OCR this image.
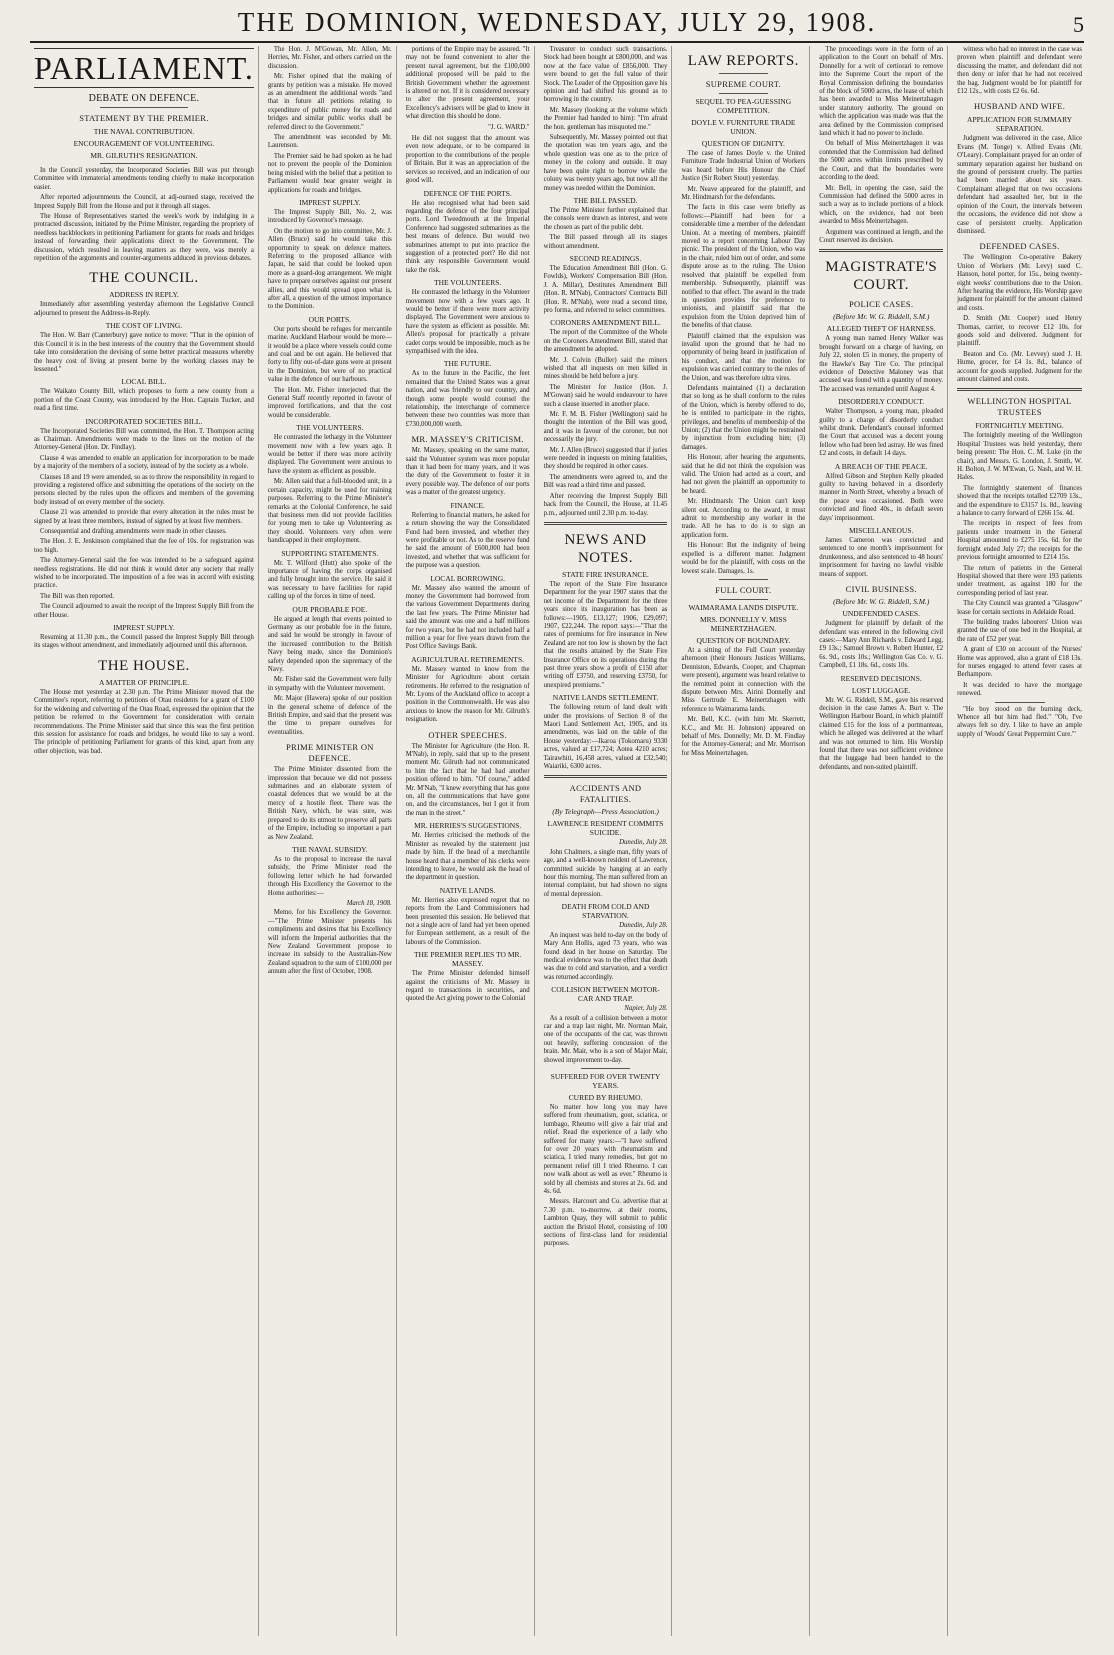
THE DOMINION, WEDNESDAY, JULY 29, 1908.	5
PARLIAMENT.
DEBATE ON DEFENCE.
STATEMENT BY THE PREMIER.
THE NAVAL CONTRIBUTION.
ENCOURAGEMENT OF VOLUNTEERING.
MR. GILRUTH'S RESIGNATION.

In the Council yesterday, the Incorporated Societies Bill was put through Committee with immaterial amendments tending chiefly to make incorporation easier.

After reported adjournments the Council, at adj-ourned stage, received the Imprest Supply Bill from the House and put it through all stages.

The House of Representatives started the week's work by indulging in a protracted discussion, initiated by the Prime Minister, regarding the propriety of needless backblockers in petitioning Parliament for grants for roads and bridges instead of forwarding their applications direct to the Government. The discussion, which resulted in leaving matters as they were, was merely a repetition of the arguments and counter-arguments adduced in previous debates.

THE COUNCIL.
ADDRESS IN REPLY.

Immediately after assembling yesterday afternoon the Legislative Council adjourned to present the Address-in-Reply.

THE COST OF LIVING.

The Hon. W. Barr (Canterbury) gave notice to move: "That in the opinion of this Council it is in the best interests of the country that the Government should take into consideration the devising of some better practical measures whereby the heavy cost of living at present borne by the working classes may be lessened."

LOCAL BILL.

The Waikato County Bill, which proposes to form a new county from a portion of the Coast County, was introduced by the Hon. Captain Tucker, and read a first time.

INCORPORATED SOCIETIES BILL.

The Incorporated Societies Bill was committed, the Hon. T. Thompson acting as Chairman. Amendments were made to the lines on the motion of the Attorney-General (Hon. Dr. Findlay).

Clause 4 was amended to enable an application for incorporation to be made by a majority of the members of a society, instead of by the society as a whole.

Clauses 18 and 19 were amended, so as to throw the responsibility in regard to providing a registered office and submitting the operations of the society on the persons elected by the rules upon the officers and members of the governing body instead of on every member of the society.

Clause 21 was amended to provide that every alteration in the rules must be signed by at least three members, instead of signed by at least five members.

Consequential and drafting amendments were made in other clauses.

The Hon. J. E. Jenkinson complained that the fee of 10s. for registration was too high.

The Attorney-General said the fee was intended to be a safeguard against needless registrations. He did not think it would deter any society that really wished to be incorporated. The imposition of a fee was in accord with existing practice.

The Bill was then reported.

The Council adjourned to await the receipt of the Imprest Supply Bill from the other House.

IMPREST SUPPLY.

Resuming at 11.30 p.m., the Council passed the Imprest Supply Bill through its stages without amendment, and immediately adjourned until this afternoon.

THE HOUSE.
A MATTER OF PRINCIPLE.

The House met yesterday at 2.30 p.m. The Prime Minister moved that the Committee's report, referring to petitions of Otau residents for a grant of £100 for the widening and culverting of the Otau Road, expressed the opinion that the petition be referred to the Government for consideration with certain recommendations. The Prime Minister said that since this was the first petition this session for assistance for roads and bridges, he would like to say a word. The principle of petitioning Parliament for grants of this kind, apart from any other objection, was bad.

The Hon. J. M'Gowan, Mr. Allen, Mr. Herries, Mr. Fisher, and others carried on the discussion.

Mr. Fisher opined that the making of grants by petition was a mistake. He moved as an amendment the additional words "and that in future all petitions relating to expenditure of public money for roads and bridges and similar public works shall be referred direct to the Government."

The amendment was seconded by Mr. Laurenson.

The Premier said he had spoken as he had not to prevent the people of the Dominion being misled with the belief that a petition to Parliament would bear greater weight in applications for roads and bridges.

IMPREST SUPPLY.

The Imprest Supply Bill, No. 2, was introduced by Governor's message.

On the motion to go into committee, Mr. J. Allen (Bruce) said he would take this opportunity to speak on defence matters. Referring to the proposed alliance with Japan, he said that could be looked upon more as a guard-dog arrangement. We might have to prepare ourselves against our present allies, and this would spread upon what is, after all, a question of the utmost importance to the Dominion.

OUR PORTS.

Our ports should be refuges for mercantile marine. Auckland Harbour would be more—it would be a place where vessels could come and coal and be out again. He believed that forty to fifty out-of-date guns were at present in the Dominion, but were of no practical value in the defence of our harbours.

The Hon. Mr. Fisher interjected that the General Staff recently reported in favour of improved fortifications, and that the cost would be considerable.

THE VOLUNTEERS.

He contrasted the lethargy in the Volunteer movement now with a few years ago. It would be better if there was more activity displayed. The Government were anxious to have the system as efficient as possible.

Mr. Allen said that a full-blooded unit, in a certain capacity, might be used for training purposes. Referring to the Prime Minister's remarks at the Colonial Conference, he said that business men did not provide facilities for young men to take up Volunteering as they should. Volunteers very often were handicapped in their employment.

SUPPORTING STATEMENTS.

Mr. T. Wilford (Hutt) also spoke of the importance of having the corps organised and fully brought into the service. He said it was necessary to have facilities for rapid calling up of the forces in time of need.

OUR PROBABLE FOE.

He argued at length that events pointed to Germany as our probable foe in the future, and said he would be strongly in favour of the increased contribution to the British Navy being made, since the Dominion's safety depended upon the supremacy of the Navy.

Mr. Fisher said the Government were fully in sympathy with the Volunteer movement.

Mr. Major (Hawera) spoke of our position in the general scheme of defence of the British Empire, and said that the present was the time to prepare ourselves for eventualities.

PRIME MINISTER ON DEFENCE.

The Prime Minister dissented from the impression that because we did not possess submarines and an elaborate system of coastal defences that we would be at the mercy of a hostile fleet. There was the British Navy, which, he was sure, was prepared to do its utmost to preserve all parts of the Empire, including so important a part as New Zealand.

THE NAVAL SUBSIDY.

As to the proposal to increase the naval subsidy, the Prime Minister read the following letter which he had forwarded through His Excellency the Governor to the Home authorities:—

March 18, 1908.

Memo. for his Excellency the Governor.—"The Prime Minister presents his compliments and desires that his Excellency will inform the Imperial authorities that the New Zealand Government propose to increase its subsidy to the Australian-New Zealand squadron to the sum of £100,000 per annum after the first of October, 1908.

portions of the Empire may be assured. "It may not be found convenient to alter the present naval agreement, but the £100,000 additional proposed will be paid to the British Government whether the agreement is altered or not. If it is considered necessary to alter the present agreement, your Excellency's advisers will be glad to know in what direction this should be done.

"J. G. WARD."

He did not suggest that the amount was even now adequate, or to be compared in proportion to the contributions of the people of Britain. But it was an appreciation of the services so received, and an indication of our good will.

DEFENCE OF THE PORTS.

He also recognised what had been said regarding the defence of the four principal ports. Lord Tweedmouth at the Imperial Conference had suggested submarines as the best means of defence. But would two submarines attempt to put into practice the suggestion of a protected port? He did not think any responsible Government would take the risk.

THE VOLUNTEERS.

He contrasted the lethargy in the Volunteer movement now with a few years ago. It would be better if there were more activity displayed. The Government were anxious to have the system as efficient as possible. Mr. Allen's proposal for practically a private cadet corps would be impossible, much as he sympathised with the idea.

THE FUTURE.

As to the future in the Pacific, the feet remained that the United States was a great nation, and was friendly to our country, and though some people would counsel the relationship, the interchange of commerce between these two countries was more than £730,000,000 worth.

MR. MASSEY'S CRITICISM.

Mr. Massey, speaking on the same matter, said the Volunteer system was more popular than it had been for many years, and it was the duty of the Government to foster it in every possible way. The defence of our ports was a matter of the greatest urgency.

FINANCE.

Referring to financial matters, he asked for a return showing the way the Consolidated Fund had been invested, and whether they were profitable or not. As to the reserve fund he said the amount of £600,000 had been invested, and whether that was sufficient for the purpose was a question.

LOCAL BORROWING.

Mr. Massey also wanted the amount of money the Government had borrowed from the various Government Departments during the last few years. The Prime Minister had said the amount was one and a half millions for two years, but he had not included half a million a year for five years drawn from the Post Office Savings Bank.

AGRICULTURAL RETIREMENTS.

Mr. Massey wanted to know from the Minister for Agriculture about certain retirements. He referred to the resignation of Mr. Lyons of the Auckland office to accept a position in the Commonwealth. He was also anxious to know the reason for Mr. Gilruth's resignation.

OTHER SPEECHES.

The Minister for Agriculture (the Hon. R. M'Nab), in reply, said that up to the present moment Mr. Gilruth had not communicated to him the fact that he had had another position offered to him. "Of course," added Mr. M'Nab, "I knew everything that has gone on, all the communications that have gone on, and the circumstances, but I got it from the man in the street."

MR. HERRIES'S SUGGESTIONS.

Mr. Herries criticised the methods of the Minister as revealed by the statement just made by him. If the head of a merchantile house heard that a member of his clerks were intending to leave, he would ask the head of the department in question.

NATIVE LANDS.

Mr. Herries also expressed regret that no reports from the Land Commissioners had been presented this session. He believed that not a single acre of land had yet been opened for European settlement, as a result of the labours of the Commission.

THE PREMIER REPLIES TO MR. MASSEY.

The Prime Minister defended himself against the criticisms of Mr. Massey in regard to transactions in securities, and quoted the Act giving power to the Colonial

Treasurer to conduct such transactions. Stock had been bought at £800,000, and was now at the face value of £856,000. They were bound to get the full value of their Stock. The Leader of the Opposition gave his opinion and had shifted his ground as to borrowing in the country.

Mr. Massey (looking at the volume which the Premier had handed to him): "I'm afraid the hon. gentleman has misquoted me."

Subsequently, Mr. Massey pointed out that the quotation was ten years ago, and the whole question was one as to the price of money in the colony and outside. It may have been quite right to borrow while the colony was twenty years ago, but now all the money was needed within the Dominion.

THE BILL PASSED.

The Prime Minister further explained that the consols were drawn as interest, and were the chosen as part of the public debt.

The Bill passed through all its stages without amendment.

SECOND READINGS.

The Education Amendment Bill (Hon. G. Fowlds), Workers' Compensation Bill (Hon. J. A. Millar), Destitutes Amendment Bill (Hon. R. M'Nab), Contractors' Contracts Bill (Hon. R. M'Nab), were read a second time, pro forma, and referred to select committees.

CORONERS AMENDMENT BILL.

The report of the Committee of the Whole on the Coroners Amendment Bill, stated that the amendment be adopted.

Mr. J. Colvin (Buller) said the miners wished that all inquests on men killed in mines should be held before a jury.

The Minister for Justice (Hon. J. M'Gowan) said he would endeavour to have such a clause inserted in another place.

Mr. F. M. B. Fisher (Wellington) said he thought the intention of the Bill was good, and it was in favour of the coroner, but not necessarily the jury.

Mr. J. Allen (Bruce) suggested that if juries were needed in inquests on mining fatalities, they should be required in other cases.

The amendments were agreed to, and the Bill was read a third time and passed.

After receiving the Imprest Supply Bill back from the Council, the House, at 11.45 p.m., adjourned until 2.30 p.m. to-day.

NEWS AND NOTES.
STATE FIRE INSURANCE.

The report of the State Fire Insurance Department for the year 1907 states that the net income of the Department for the three years since its inauguration has been as follows:—1905, £13,127; 1906, £29,097; 1907, £22,244. The report says:—"That the rates of premiums for fire insurance in New Zealand are not too low is shown by the fact that the results attained by the State Fire Insurance Office on its operations during the past three years show a profit of £150 after writing off £3750, and reserving £3750, for unexpired premiums."

NATIVE LANDS SETTLEMENT.

The following return of land dealt with under the provisions of Section 8 of the Maori Land Settlement Act, 1905, and its amendments, was laid on the table of the House yesterday:—Ikaroa (Tokomaru) 9330 acres, valued at £17,724; Aotea 4210 acres; Tairawhiti, 16,458 acres, valued at £32,540; Waiariki, 6300 acres.

ACCIDENTS AND FATALITIES.
(By Telegraph—Press Association.)
LAWRENCE RESIDENT COMMITS SUICIDE.
Dunedin, July 28.

John Chalmers, a single man, fifty years of age, and a well-known resident of Lawrence, committed suicide by hanging at an early hour this morning. The man suffered from an internal complaint, but had shown no signs of mental depression.

DEATH FROM COLD AND STARVATION.
Dunedin, July 28.

An inquest was held to-day on the body of Mary Ann Hollis, aged 73 years, who was found dead in her house on Saturday. The medical evidence was to the effect that death was due to cold and starvation, and a verdict was returned accordingly.

COLLISION BETWEEN MOTOR-CAR AND TRAP.
Napier, July 28.

As a result of a collision between a motor car and a trap last night, Mr. Norman Mair, one of the occupants of the car, was thrown out heavily, suffering concussion of the brain. Mr. Mair, who is a son of Major Mair, showed improvement to-day.

SUFFERED FOR OVER TWENTY YEARS.
CURED BY RHEUMO.

No matter how long you may have suffered from rheumatism, gout, sciatica, or lumbago, Rheumo will give a fair trial and relief. Read the experience of a lady who suffered for many years:—"I have suffered for over 20 years with rheumatism and sciatica, I tried many remedies, but got no permanent relief till I tried Rheumo. I can now walk about as well as ever." Rheumo is sold by all chemists and stores at 2s. 6d. and 4s. 6d.

Messrs. Harcourt and Co. advertise that at 7.30 p.m. to-morrow, at their rooms, Lambton Quay, they will submit to public auction the Bristol Hotel, consisting of 100 sections of first-class land for residential purposes.

LAW REPORTS.
SUPREME COURT.
SEQUEL TO PEA-GUESSING COMPETITION.
DOYLE V. FURNITURE TRADE UNION.
QUESTION OF DIGNITY.

The case of James Doyle v. the United Furniture Trade Industrial Union of Workers was heard before His Honour the Chief Justice (Sir Robert Stout) yesterday.

Mr. Neave appeared for the plaintiff, and Mr. Hindmarsh for the defendants.

The facts in this case were briefly as follows:—Plaintiff had been for a considerable time a member of the defendant Union. At a meeting of members, plaintiff moved to a report concerning Labour Day picnic. The president of the Union, who was in the chair, ruled him out of order, and some dispute arose as to the ruling. The Union resolved that plaintiff be expelled from membership. Subsequently, plaintiff was notified to that effect. The award in the trade in question provides for preference to unionists, and plaintiff said that the expulsion from the Union deprived him of the benefits of that clause.

Plaintiff claimed that the expulsion was invalid upon the ground that he had no opportunity of being heard in justification of his conduct, and that the motion for expulsion was carried contrary to the rules of the Union, and was therefore ultra vires.

Defendants maintained (1) a declaration that so long as he shall conform to the rules of the Union, which is hereby offered to do, he is entitled to participate in the rights, privileges, and benefits of membership of the Union; (2) that the Union might be restrained by injunction from excluding him; (3) damages.

His Honour, after hearing the arguments, said that he did not think the expulsion was valid. The Union had acted as a court, and had not given the plaintiff an opportunity to be heard.

Mr. Hindmarsh: The Union can't keep silent out. According to the award, it must admit to membership any worker in the trade. All he has to do is to sign an application form.

His Honour: But the indignity of being expelled is a different matter. Judgment would be for the plaintiff, with costs on the lowest scale. Damages, 1s.

FULL COURT.
WAIMARAMA LANDS DISPUTE.
MRS. DONNELLY V. MISS MEINERTZHAGEN.
QUESTION OF BOUNDARY.

At a sitting of the Full Court yesterday afternoon (their Honours Justices Williams, Denniston, Edwards, Cooper, and Chapman were present), argument was heard relative to the remitted point in connection with the dispute between Mrs. Airini Donnelly and Miss Gertrude E. Meinertzhagen with reference to Waimarama lands.

Mr. Bell, K.C. (with him Mr. Skerrett, K.C., and Mr. H. Johnston) appeared on behalf of Mrs. Donnelly; Mr. D. M. Findlay for the Attorney-General; and Mr. Morrison for Miss Meinertzhagen.

The proceedings were in the form of an application to the Court on behalf of Mrs. Donnelly for a writ of certiorari to remove into the Supreme Court the report of the Royal Commission defining the boundaries of the block of 5000 acres, the lease of which has been awarded to Miss Meinertzhagen under statutory authority. The ground on which the application was made was that the area defined by the Commission comprised land which it had no power to include.

On behalf of Miss Meinertzhagen it was contended that the Commission had defined the 5000 acres within limits prescribed by the Court, and that the boundaries were according to the deed.

Mr. Bell, in opening the case, said the Commission had defined the 5000 acres in such a way as to include portions of a block which, on the evidence, had not been awarded to Miss Meinertzhagen.

Argument was continued at length, and the Court reserved its decision.

MAGISTRATE'S COURT.
POLICE CASES.
(Before Mr. W. G. Riddell, S.M.)
ALLEGED THEFT OF HARNESS.

A young man named Henry Walker was brought forward on a charge of having, on July 22, stolen £5 in money, the property of the Hawke's Bay Tire Co. The principal evidence of Detective Maloney was that accused was found with a quantity of money. The accused was remanded until August 4.

DISORDERLY CONDUCT.

Walter Thompson, a young man, pleaded guilty to a charge of disorderly conduct whilst drunk. Defendant's counsel informed the Court that accused was a decent young fellow who had been led astray. He was fined £2 and costs, in default 14 days.

A BREACH OF THE PEACE.

Alfred Gibson and Stephen Kelly pleaded guilty to having behaved in a disorderly manner in North Street, whereby a breach of the peace was occasioned. Both were convicted and fined 40s., in default seven days' imprisonment.

MISCELLANEOUS.

James Cameron was convicted and sentenced to one month's imprisonment for drunkenness, and also sentenced to 48 hours' imprisonment for having no lawful visible means of support.

CIVIL BUSINESS.
(Before Mr. W. G. Riddell, S.M.)
UNDEFENDED CASES.

Judgment for plaintiff by default of the defendant was entered in the following civil cases:—Mary Ann Richards v. Edward Legg, £9 13s.; Samuel Brown v. Robert Hunter, £2 6s. 9d., costs 10s.; Wellington Gas Co. v. G. Campbell, £1 18s. 6d., costs 10s.

RESERVED DECISIONS.
LOST LUGGAGE.

Mr. W. G. Riddell, S.M., gave his reserved decision in the case James A. Burt v. The Wellington Harbour Board, in which plaintiff claimed £15 for the loss of a portmanteau, which he alleged was delivered at the wharf and was not returned to him. His Worship found that there was not sufficient evidence that the luggage had been handed to the defendants, and non-suited plaintiff.

witness who had no interest in the case was proven when plaintiff and defendant were discussing the matter, and defendant did not then deny or infer that he had not received the bag. Judgment would be for plaintiff for £12 12s., with costs £2 6s. 6d.

HUSBAND AND WIFE.
APPLICATION FOR SUMMARY SEPARATION.

Judgment was delivered in the case, Alice Evans (M. Tonge) v. Alfred Evans (Mr. O'Leary). Complainant prayed for an order of summary separation against her husband on the ground of persistent cruelty. The parties had been married about six years. Complainant alleged that on two occasions defendant had assaulted her, but in the opinion of the Court, the intervals between the occasions, the evidence did not show a case of persistent cruelty. Application dismissed.

DEFENDED CASES.

The Wellington Co-operative Bakery Union of Workers (Mr. Levy) sued C. Hanson, hotel porter, for 15s., being twenty-eight weeks' contributions due to the Union. After hearing the evidence, His Worship gave judgment for plaintiff for the amount claimed and costs.

D. Smith (Mr. Cooper) sued Henry Thomas, carrier, to recover £12 10s. for goods sold and delivered. Judgment for plaintiff.

Beaton and Co. (Mr. Levvey) sued J. H. Hume, grocer, for £4 1s. 8d., balance of account for goods supplied. Judgment for the amount claimed and costs.

WELLINGTON HOSPITAL TRUSTEES
FORTNIGHTLY MEETING.

The fortnightly meeting of the Wellington Hospital Trustees was held yesterday, there being present: The Hon. C. M. Luke (in the chair), and Messrs. G. London, J. Smith, W. H. Bolton, J. W. M'Ewan, G. Nash, and W. H. Hales.

The fortnightly statement of finances showed that the receipts totalled £2709 13s., and the expenditure to £3157 1s. 8d., leaving a balance to carry forward of £266 15s. 4d.

The receipts in respect of fees from patients under treatment in the General Hospital amounted to £275 15s. 6d. for the fortnight ended July 27; the receipts for the previous fortnight amounted to £214 15s.

The return of patients in the General Hospital showed that there were 193 patients under treatment, as against 180 for the corresponding period of last year.

The City Council was granted a "Glasgow" lease for certain sections in Adelaide Road.

The building trades labourers' Union was granted the use of one bed in the Hospital, at the rate of £52 per year.

A grant of £30 on account of the Nurses' Home was approved, also a grant of £18 13s. for nurses engaged to attend fever cases at Berhampore.

It was decided to have the mortgage renewed.

"He boy stood on the burning deck, Whence all but him had fled." "Oh, I've always felt so dry. I like to have an ample supply of 'Woods' Great Peppermint Cure.'"
